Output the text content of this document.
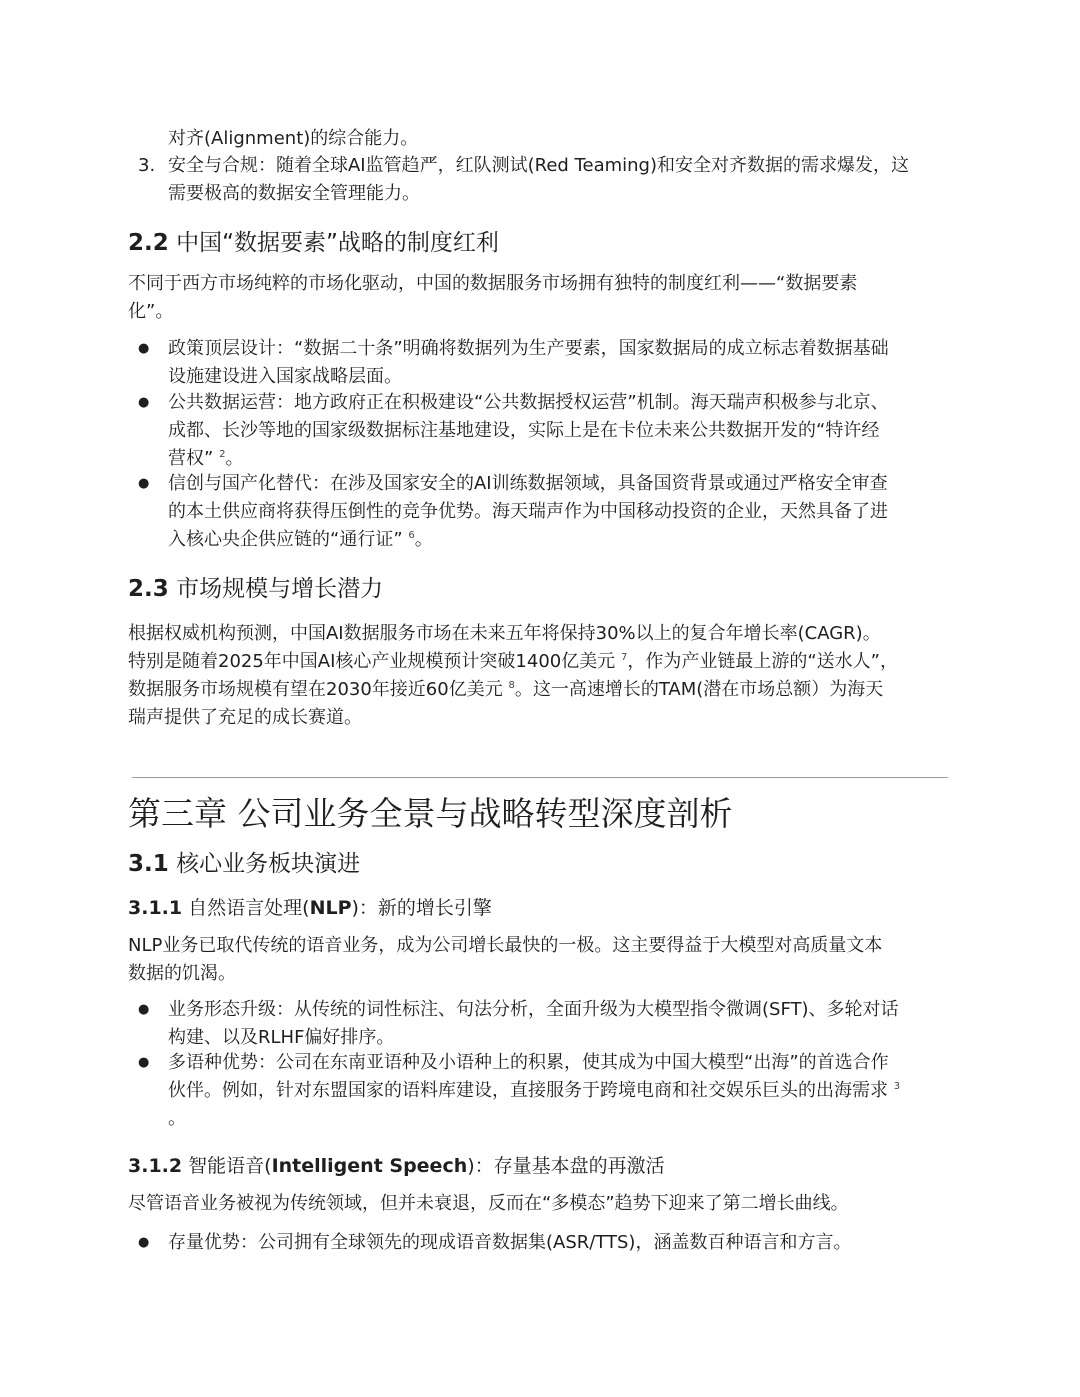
对齐(Alignment)的综合能力。
3. 安全与合规：随着全球AI监管趋严，红队测试(Red Teaming)和安全对齐数据的需求爆发，这
需要极高的数据安全管理能力。
2.2 中国“数据要素”战略的制度红利
不同于西方市场纯粹的市场化驱动，中国的数据服务市场拥有独特的制度红利——“数据要素
化”。
● 政策顶层设计：“数据二十条”明确将数据列为生产要素，国家数据局的成立标志着数据基础
设施建设进入国家战略层面。
● 公共数据运营：地方政府正在积极建设“公共数据授权运营”机制。海天瑞声积极参与北京、
成都、长沙等地的国家级数据标注基地建设，实际上是在卡位未来公共数据开发的“特许经
营权” $^2$。
● 信创与国产化替代：在涉及国家安全的AI训练数据领域，具备国资背景或通过严格安全审查
的本土供应商将获得压倒性的竞争优势。海天瑞声作为中国移动投资的企业，天然具备了进
入核心央企供应链的“通行证” $^6$。
2.3 市场规模与增长潜力
根据权威机构预测，中国AI数据服务市场在未来五年将保持30%以上的复合年增长率(CAGR)。
特别是随着2025年中国AI核心产业规模预计突破1400亿美元 $^7$，作为产业链最上游的“送水人”，
数据服务市场规模有望在2030年接近60亿美元 $^8$。这一高速增长的TAM(潜在市场总额）为海天
瑞声提供了充足的成长赛道。
第三章 公司业务全景与战略转型深度剖析
3.1 核心业务板块演进
3.1.1 自然语言处理(NLP)：新的增长引擎
NLP业务已取代传统的语音业务，成为公司增长最快的一极。这主要得益于大模型对高质量文本
数据的饥渴。
● 业务形态升级：从传统的词性标注、句法分析，全面升级为大模型指令微调(SFT)、多轮对话
构建、以及RLHF偏好排序。
● 多语种优势：公司在东南亚语种及小语种上的积累，使其成为中国大模型“出海”的首选合作
伙伴。例如，针对东盟国家的语料库建设，直接服务于跨境电商和社交娱乐巨头的出海需求 $^3$
。
3.1.2 智能语音(Intelligent Speech)：存量基本盘的再激活
尽管语音业务被视为传统领域，但并未衰退，反而在“多模态”趋势下迎来了第二增长曲线。
● 存量优势：公司拥有全球领先的现成语音数据集(ASR/TTS)，涵盖数百种语言和方言。
